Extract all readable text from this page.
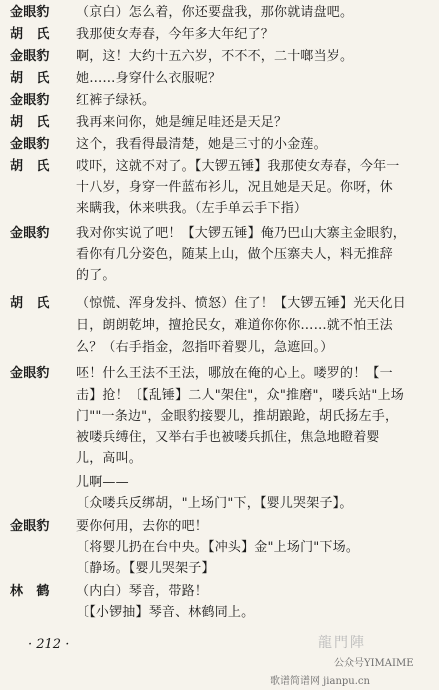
金眼豹 （京白）怎么着，你还要盘我，那你就请盘吧。
胡　氏 我那使女寿春，今年多大年纪了？
金眼豹 啊，这！大约十五六岁，不不不，二十啷当岁。
胡　氏 她……身穿什么衣服呢？
金眼豹 红裤子绿袄。
胡　氏 我再来问你，她是缠足哇还是天足？
金眼豹 这个，我看得最清楚，她是三寸的小金莲。
胡　氏 哎吓，这就不对了。【大锣五锤】我那使女寿春，今年一
十八岁，身穿一件蓝布衫儿，况且她是天足。你呀，休
来瞒我，休来哄我。（左手单云手下指）
金眼豹 我对你实说了吧！【大锣五锤】俺乃巴山大寨主金眼豹，
看你有几分姿色，随某上山，做个压寨夫人，料无推辞
的了。
胡　氏 （惊慌、浑身发抖、愤怒）住了！【大锣五锤】光天化日
日，朗朗乾坤，擅抢民女，难道你你你……就不怕王法
么？（右手指金，忽指吓着婴儿，急遮回。）
金眼豹 呸！什么王法不王法，哪放在俺的心上。喽罗的！【一
击】抢！〔【乱锤】二人"架住"，众"推磨"，喽兵站"上场
门""一条边"，金眼豹接婴儿，推胡踉跄，胡氏扬左手，
被喽兵缚住，又举右手也被喽兵抓住，焦急地瞪着婴
儿，高叫。
儿啊——
〔众喽兵反绑胡，"上场门"下，【婴儿哭架子】。
金眼豹 要你何用，去你的吧！
〔将婴儿扔在台中央。【冲头】金"上场门"下场。
〔静场。【婴儿哭架子】
林　鹤 （内白）琴音，带路！
〔【小锣抽】琴音、林鹤同上。
· 212 ·	龍門陣
公众号YIMAIME
歌谱简谱网 jianpu.cn
